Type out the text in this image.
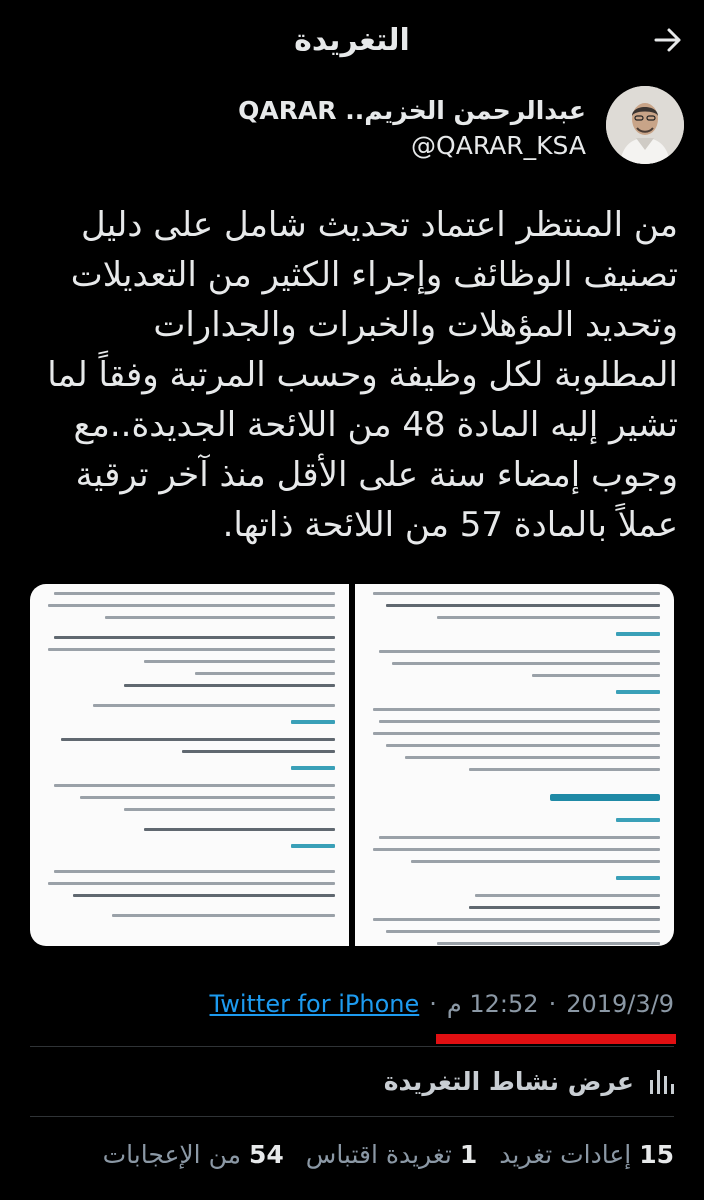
التغريدة
عبدالرحمن الخزيم.. QARAR
@QARAR_KSA
من المنتظر اعتماد تحديث شامل على دليل
تصنيف الوظائف وإجراء الكثير من التعديلات
وتحديد المؤهلات والخبرات والجدارات
المطلوبة لكل وظيفة وحسب المرتبة وفقاً لما
تشير إليه المادة 48 من اللائحة الجديدة..مع
وجوب إمضاء سنة على الأقل منذ آخر ترقية
عملاً بالمادة 57 من اللائحة ذاتها.
2019/3/9
·
12:52 م
·
Twitter for iPhone
عرض نشاط التغريدة
15
إعادات تغريد
1
تغريدة اقتباس
54
من الإعجابات
